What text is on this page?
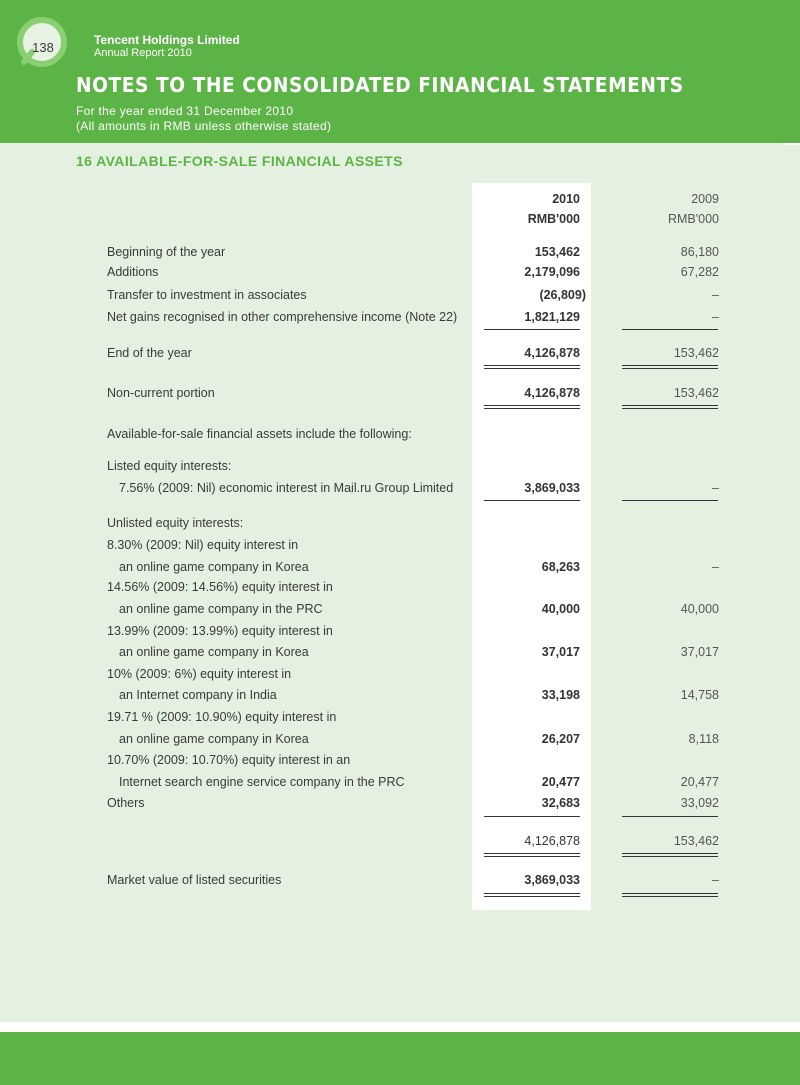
138	Tencent Holdings Limited
Annual Report 2010
NOTES TO THE CONSOLIDATED FINANCIAL STATEMENTS
For the year ended 31 December 2010
(All amounts in RMB unless otherwise stated)
16 AVAILABLE-FOR-SALE FINANCIAL ASSETS
2010	2009
RMB'000	RMB'000
Beginning of the year	153,462	86,180
Additions	2,179,096	67,282
Transfer to investment in associates	(26,809)	–
Net gains recognised in other comprehensive income (Note 22)	1,821,129	–
End of the year	4,126,878	153,462
Non-current portion	4,126,878	153,462
Available-for-sale financial assets include the following:
Listed equity interests:
7.56% (2009: Nil) economic interest in Mail.ru Group Limited	3,869,033	–
Unlisted equity interests:
8.30% (2009: Nil) equity interest in
an online game company in Korea	68,263	–
14.56% (2009: 14.56%) equity interest in
an online game company in the PRC	40,000	40,000
13.99% (2009: 13.99%) equity interest in
an online game company in Korea	37,017	37,017
10% (2009: 6%) equity interest in
an Internet company in India	33,198	14,758
19.71 % (2009: 10.90%) equity interest in
an online game company in Korea	26,207	8,118
10.70% (2009: 10.70%) equity interest in an
Internet search engine service company in the PRC	20,477	20,477
Others	32,683	33,092
4,126,878	153,462
Market value of listed securities	3,869,033	–
